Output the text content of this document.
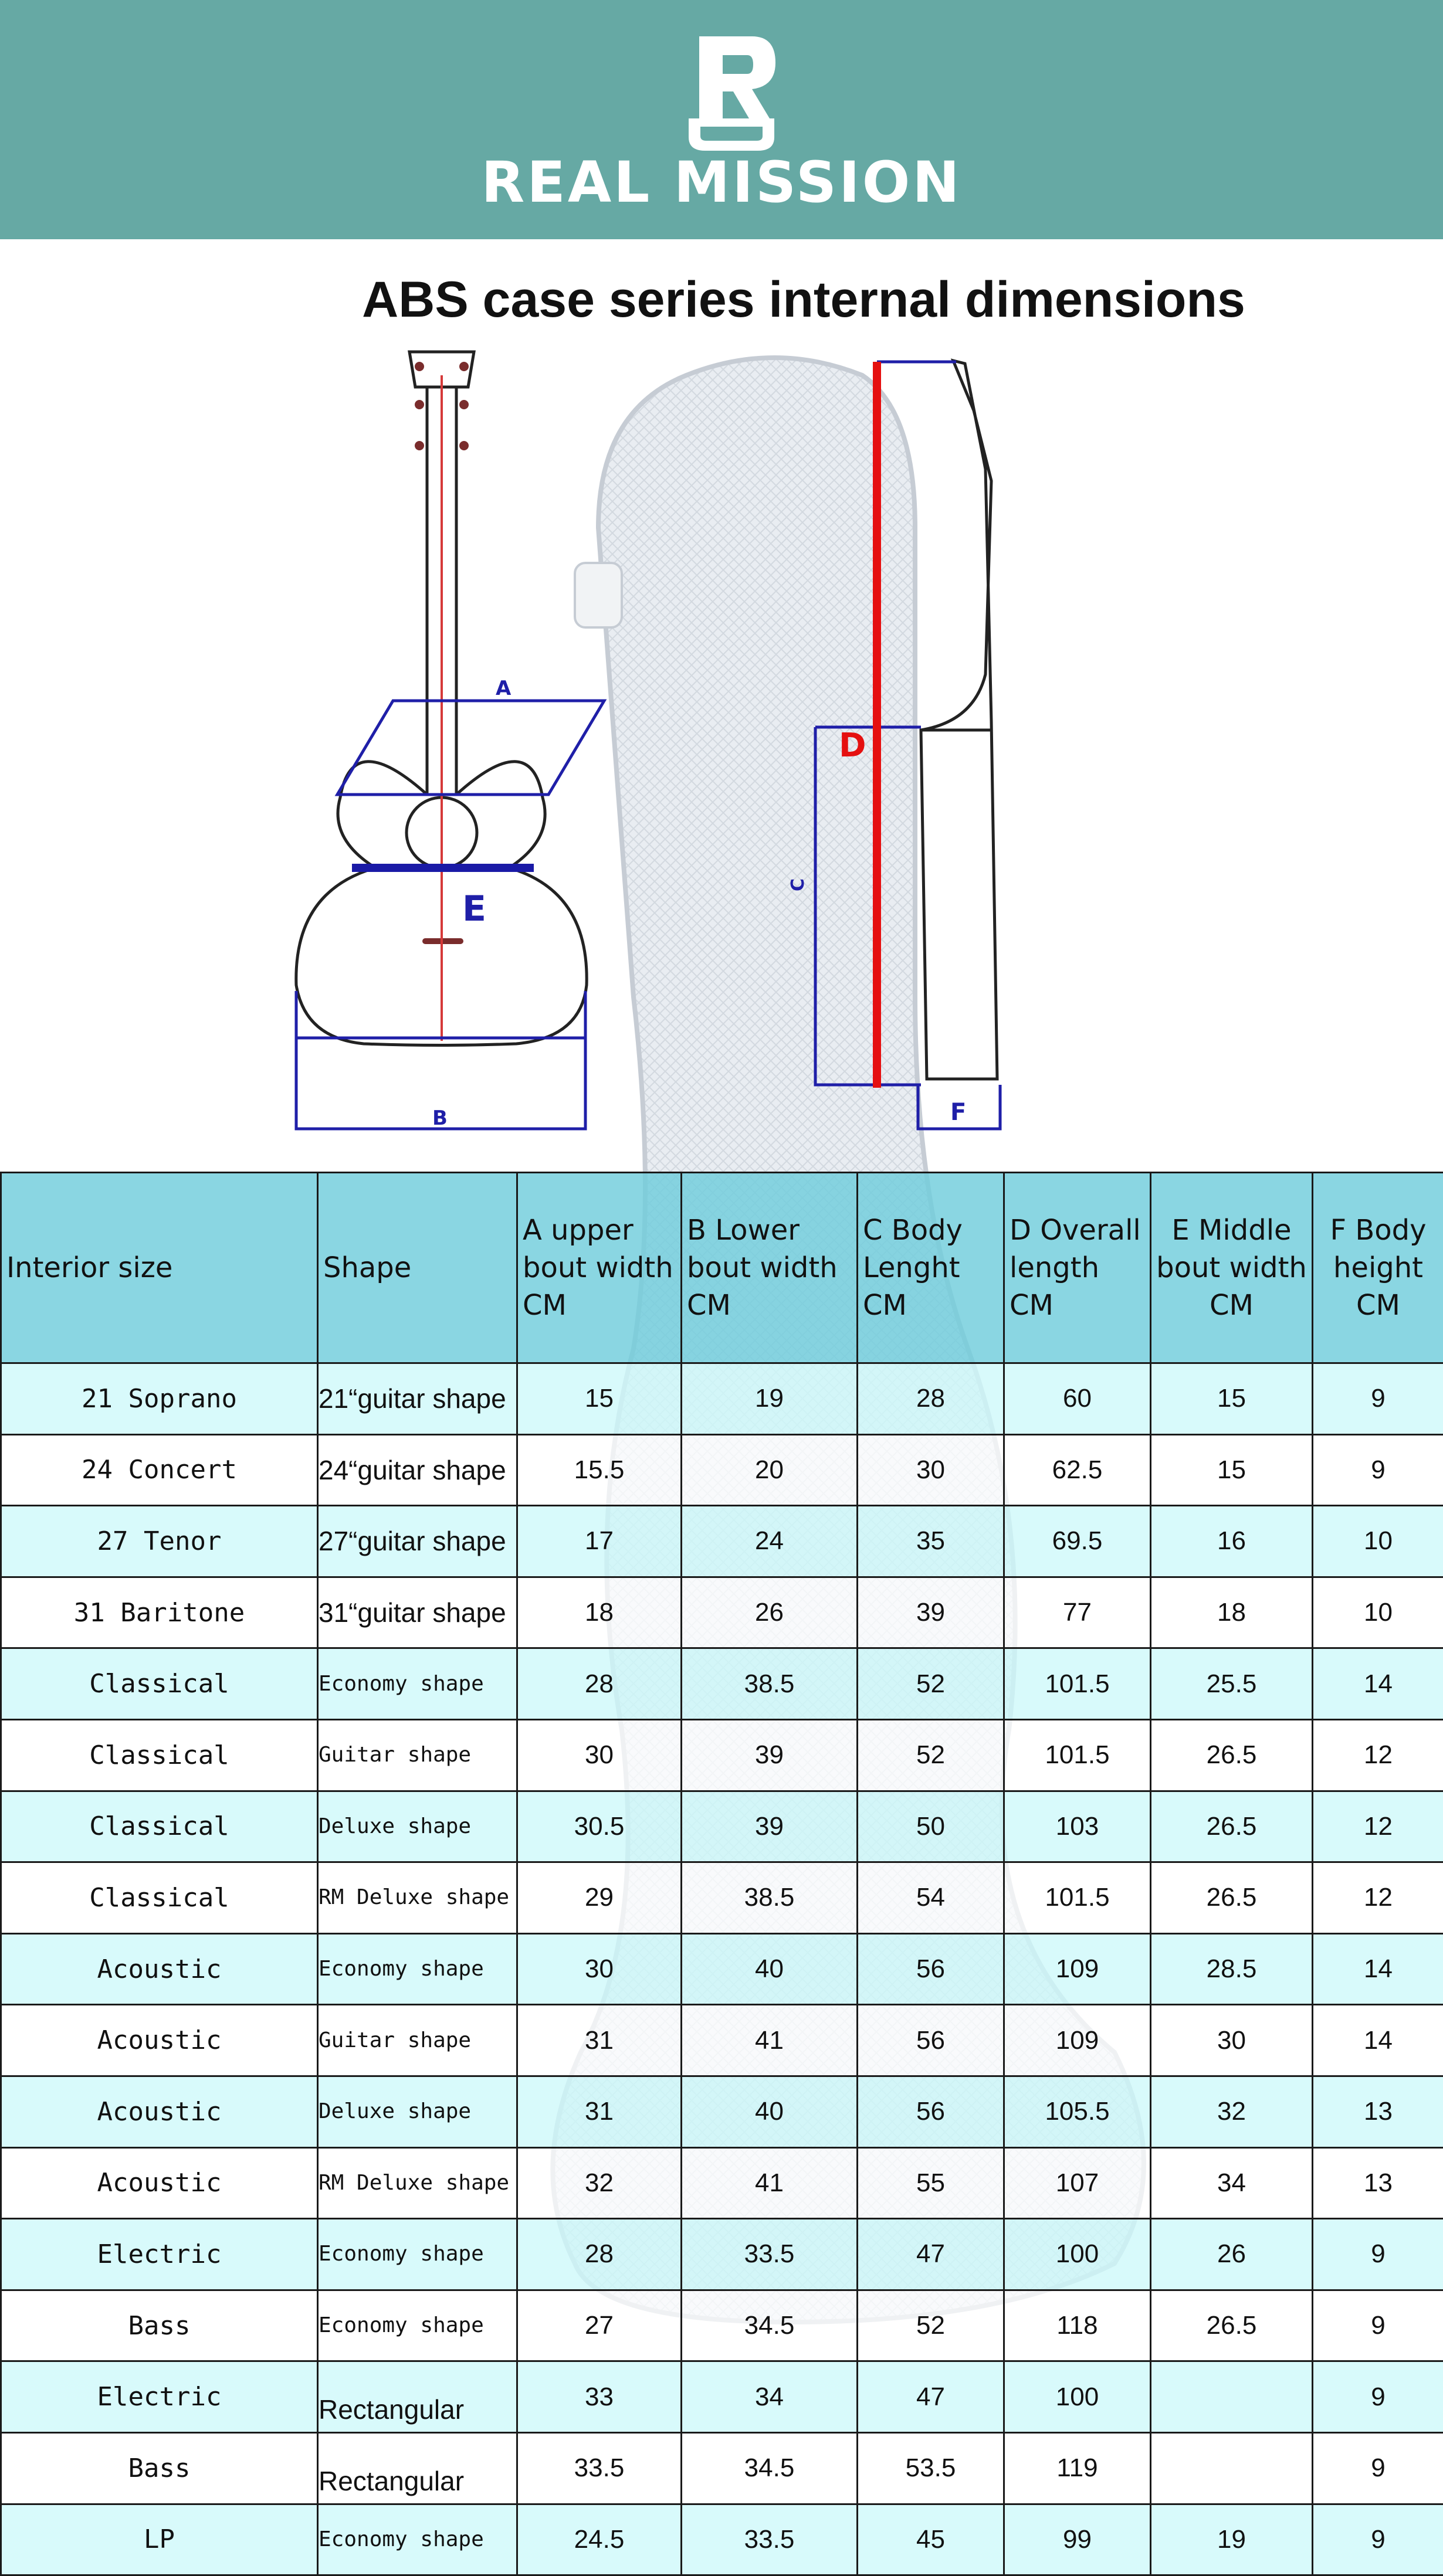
REAL MISSION
ABS case series internal dimensions
A
E
B
D
C
F
Interior size	Shape	A upper bout width CM	B Lower bout width CM	C Body Lenght CM	D Overall length CM	E Middle bout width CM	F Body height CM
21 Soprano	21“guitar shape	15	19	28	60	15	9
24 Concert	24“guitar shape	15.5	20	30	62.5	15	9
27 Tenor	27“guitar shape	17	24	35	69.5	16	10
31 Baritone	31“guitar shape	18	26	39	77	18	10
Classical	Economy shape	28	38.5	52	101.5	25.5	14
Classical	Guitar shape	30	39	52	101.5	26.5	12
Classical	Deluxe shape	30.5	39	50	103	26.5	12
Classical	RM Deluxe shape	29	38.5	54	101.5	26.5	12
Acoustic	Economy shape	30	40	56	109	28.5	14
Acoustic	Guitar shape	31	41	56	109	30	14
Acoustic	Deluxe shape	31	40	56	105.5	32	13
Acoustic	RM Deluxe shape	32	41	55	107	34	13
Electric	Economy shape	28	33.5	47	100	26	9
Bass	Economy shape	27	34.5	52	118	26.5	9
Electric	Rectangular	33	34	47	100		9
Bass	Rectangular	33.5	34.5	53.5	119		9
LP	Economy shape	24.5	33.5	45	99	19	9
